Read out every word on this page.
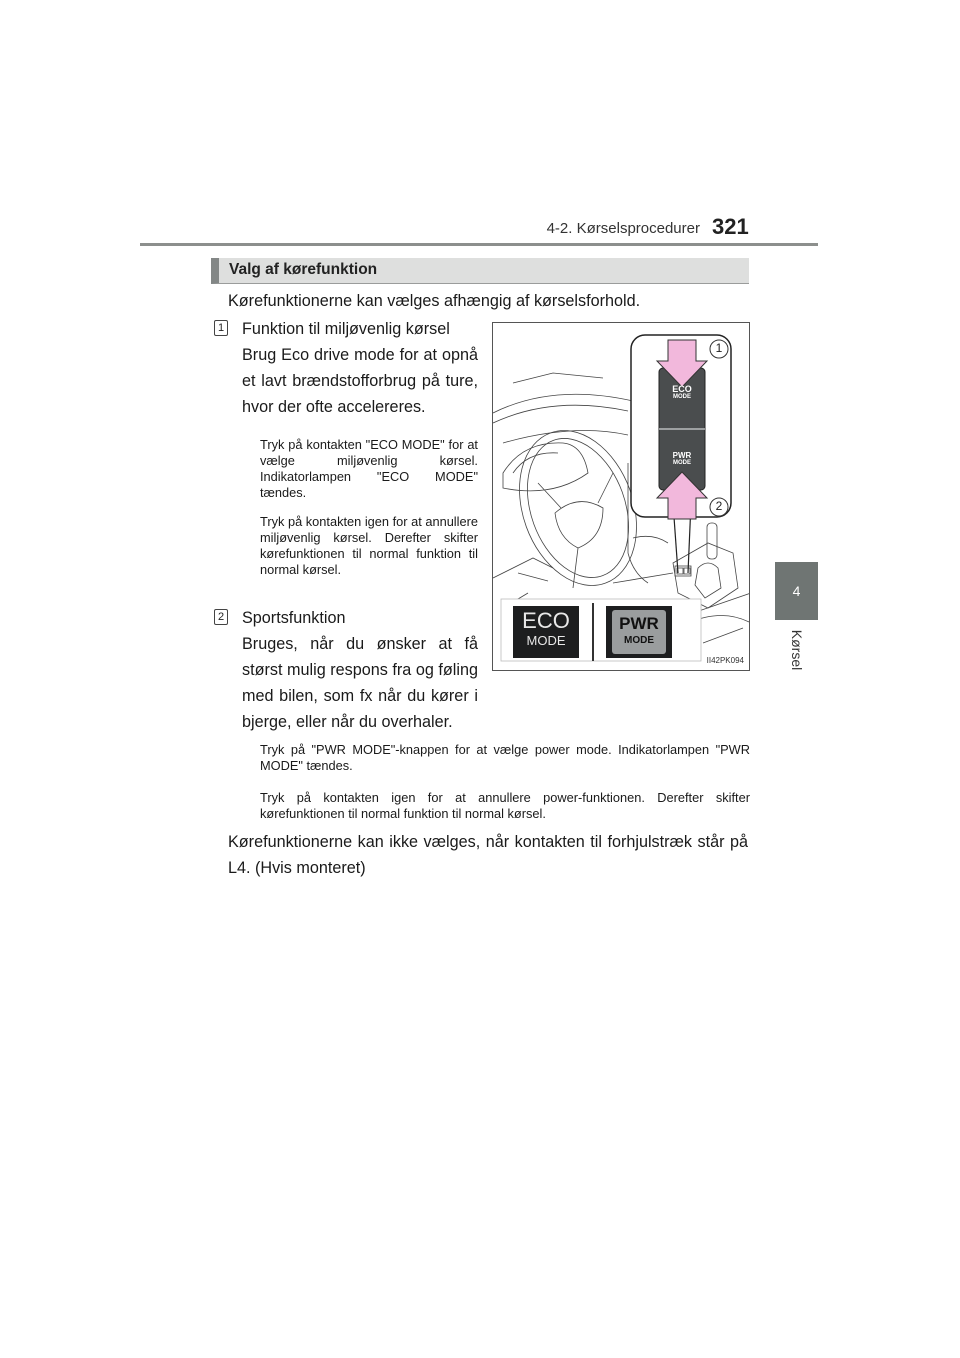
4-2. Kørselsprocedurer 321
4
Kørsel
Valg af kørefunktion
Kørefunktionerne kan vælges afhængig af kørselsforhold.
1 Funktion til miljøvenlig kørsel
Brug Eco drive mode for at opnå et lavt brændstofforbrug på ture, hvor der ofte accelereres.
Tryk på kontakten "ECO MODE" for at vælge miljøvenlig kørsel. Indikatorlampen "ECO MODE" tændes.
Tryk på kontakten igen for at annullere miljøvenlig kørsel. Derefter skifter kørefunktionen til normal funktion til normal kørsel.
2 Sportsfunktion
Bruges, når du ønsker at få størst mulig respons fra og føling med bilen, som fx når du kører i bjerge, eller når du overhaler.
Tryk på "PWR MODE"-knappen for at vælge power mode. Indikatorlampen "PWR MODE" tændes.
Tryk på kontakten igen for at annullere power-funktionen. Derefter skifter kørefunktionen til normal funktion til normal kørsel.
Kørefunktionerne kan ikke vælges, når kontakten til forhjulstræk står på L4. (Hvis monteret)
1
2
ECO
MODE
PWR
MODE
ECO
MODE
PWR
MODE
II42PK094
